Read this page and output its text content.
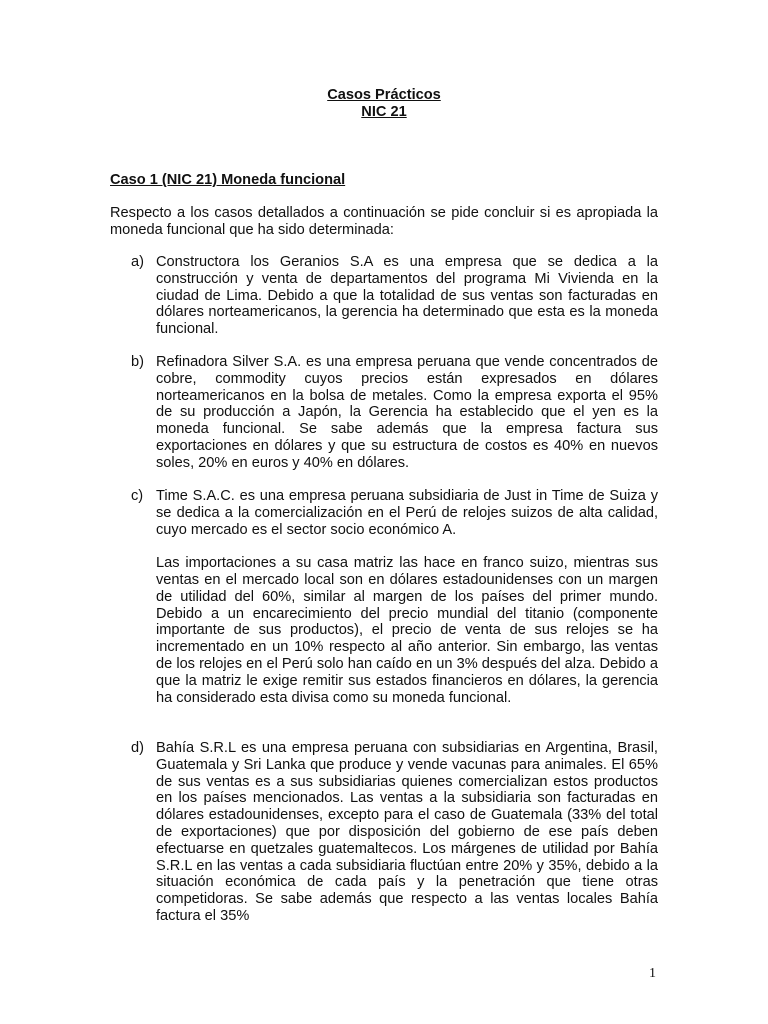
Casos Prácticos
NIC 21
Caso 1 (NIC 21) Moneda funcional
Respecto a los casos detallados a continuación se pide concluir si es apropiada la moneda funcional que ha sido determinada:
a) Constructora los Geranios S.A es una empresa que se dedica a la construcción y venta de departamentos del programa Mi Vivienda en la ciudad de Lima. Debido a que la totalidad de sus ventas son facturadas en dólares norteamericanos, la gerencia ha determinado que esta es la moneda funcional.

b) Refinadora Silver S.A. es una empresa peruana que vende concentrados de cobre, commodity cuyos precios están expresados en dólares norteamericanos en la bolsa de metales. Como la empresa exporta el 95% de su producción a Japón, la Gerencia ha establecido que el yen es la moneda funcional. Se sabe además que la empresa factura sus exportaciones en dólares y que su estructura de costos es 40% en nuevos soles, 20% en euros y 40% en dólares.

c) Time S.A.C. es una empresa peruana subsidiaria de Just in Time de Suiza y se dedica a la comercialización en el Perú de relojes suizos de alta calidad, cuyo mercado es el sector socio económico A.

Las importaciones a su casa matriz las hace en franco suizo, mientras sus ventas en el mercado local son en dólares estadounidenses con un margen de utilidad del 60%, similar al margen de los países del primer mundo. Debido a un encarecimiento del precio mundial del titanio (componente importante de sus productos), el precio de venta de sus relojes se ha incrementado en un 10% respecto al año anterior. Sin embargo, las ventas de los relojes en el Perú solo han caído en un 3% después del alza. Debido a que la matriz le exige remitir sus estados financieros en dólares, la gerencia ha considerado esta divisa como su moneda funcional.

d) Bahía S.R.L es una empresa peruana con subsidiarias en Argentina, Brasil, Guatemala y Sri Lanka que produce y vende vacunas para animales. El 65% de sus ventas es a sus subsidiarias quienes comercializan estos productos en los países mencionados. Las ventas a la subsidiaria son facturadas en dólares estadounidenses, excepto para el caso de Guatemala (33% del total de exportaciones) que por disposición del gobierno de ese país deben efectuarse en quetzales guatemaltecos. Los márgenes de utilidad por Bahía S.R.L en las ventas a cada subsidiaria fluctúan entre 20% y 35%, debido a la situación económica de cada país y la penetración que tiene otras competidoras. Se sabe además que respecto a las ventas locales Bahía factura el 35%

1
